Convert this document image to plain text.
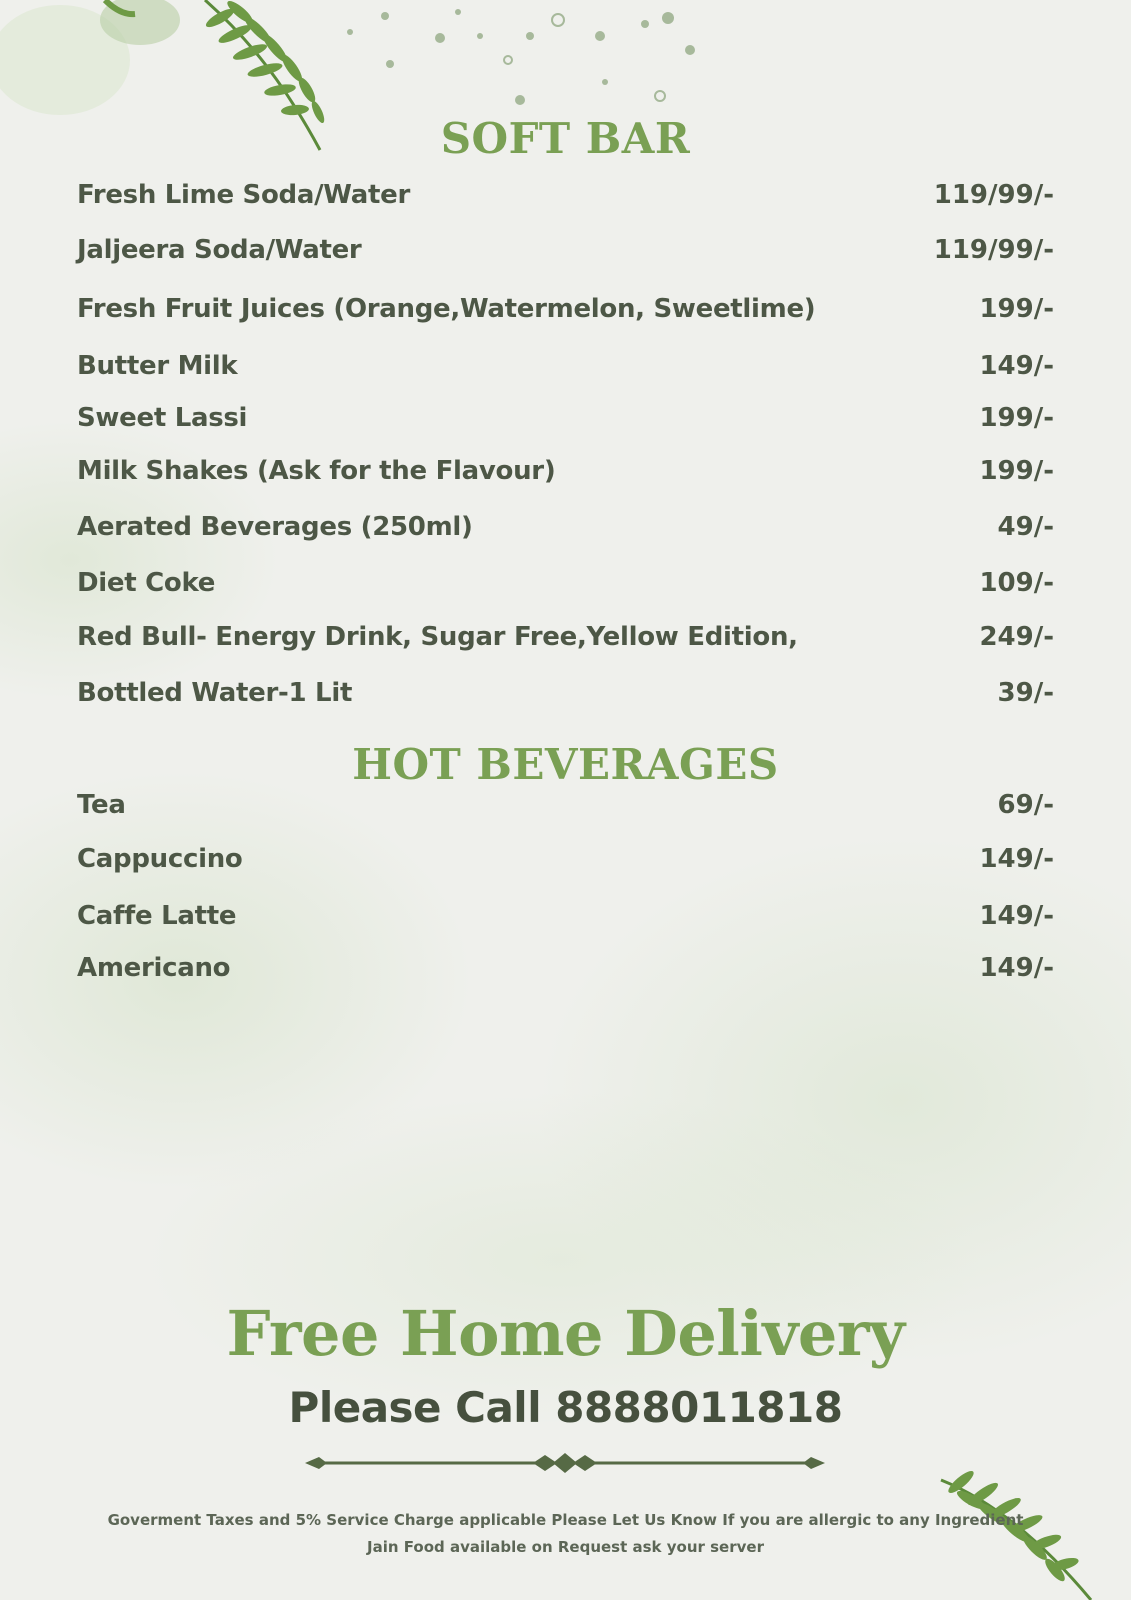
SOFT BAR
Fresh Lime Soda/Water	119/99/-
Jaljeera Soda/Water	119/99/-
Fresh Fruit Juices (Orange,Watermelon, Sweetlime)	199/-
Butter Milk	149/-
Sweet Lassi	199/-
Milk Shakes (Ask for the Flavour)	199/-
Aerated Beverages (250ml)	49/-
Diet Coke	109/-
Red Bull- Energy Drink, Sugar Free,Yellow Edition,	249/-
Bottled Water-1 Lit	39/-
HOT BEVERAGES
Tea	69/-
Cappuccino	149/-
Caffe Latte	149/-
Americano	149/-
Free Home Delivery
Please Call 8888011818
Goverment Taxes and 5% Service Charge applicable Please Let Us Know If you are allergic to any Ingredient
Jain Food available on Request ask your server
